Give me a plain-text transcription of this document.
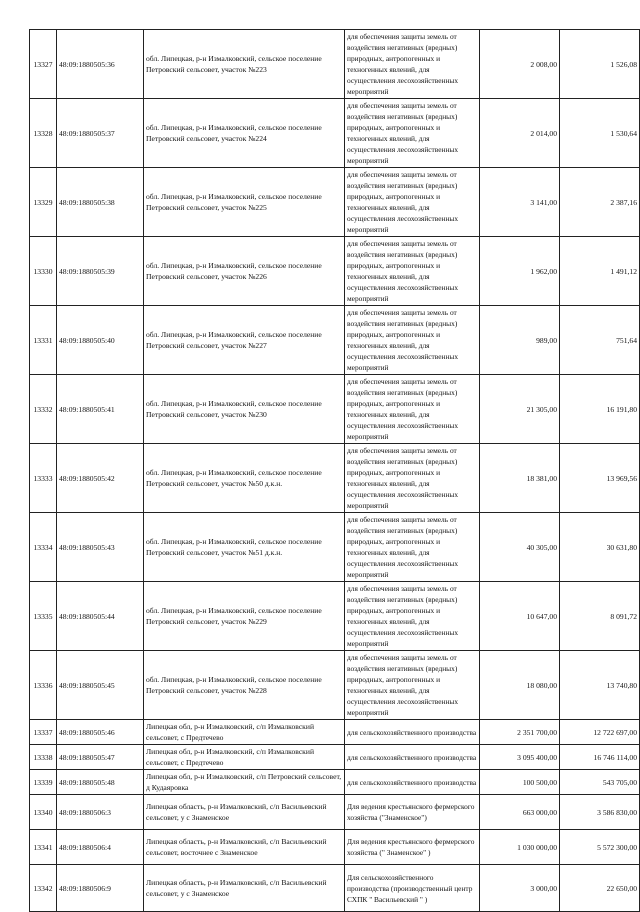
13327	48:09:1880505:36	обл. Липецкая, р-н Измалковский, сельское поселение Петровский сельсовет, участок №223	для обеспечения защиты земель от воздействия негативных (вредных) природных, антропогенных и техногенных явлений, для осуществления лесохозяйственных мероприятий	2 008,00	1 526,08
13328	48:09:1880505:37	обл. Липецкая, р-н Измалковский, сельское поселение Петровский сельсовет, участок №224	для обеспечения защиты земель от воздействия негативных (вредных) природных, антропогенных и техногенных явлений, для осуществления лесохозяйственных мероприятий	2 014,00	1 530,64
13329	48:09:1880505:38	обл. Липецкая, р-н Измалковский, сельское поселение Петровский сельсовет, участок №225	для обеспечения защиты земель от воздействия негативных (вредных) природных, антропогенных и техногенных явлений, для осуществления лесохозяйственных мероприятий	3 141,00	2 387,16
13330	48:09:1880505:39	обл. Липецкая, р-н Измалковский, сельское поселение Петровский сельсовет, участок №226	для обеспечения защиты земель от воздействия негативных (вредных) природных, антропогенных и техногенных явлений, для осуществления лесохозяйственных мероприятий	1 962,00	1 491,12
13331	48:09:1880505:40	обл. Липецкая, р-н Измалковский, сельское поселение Петровский сельсовет, участок №227	для обеспечения защиты земель от воздействия негативных (вредных) природных, антропогенных и техногенных явлений, для осуществления лесохозяйственных мероприятий	989,00	751,64
13332	48:09:1880505:41	обл. Липецкая, р-н Измалковский, сельское поселение Петровский сельсовет, участок №230	для обеспечения защиты земель от воздействия негативных (вредных) природных, антропогенных и техногенных явлений, для осуществления лесохозяйственных мероприятий	21 305,00	16 191,80
13333	48:09:1880505:42	обл. Липецкая, р-н Измалковский, сельское поселение Петровский сельсовет, участок №50 д.к.н.	для обеспечения защиты земель от воздействия негативных (вредных) природных, антропогенных и техногенных явлений, для осуществления лесохозяйственных мероприятий	18 381,00	13 969,56
13334	48:09:1880505:43	обл. Липецкая, р-н Измалковский, сельское поселение Петровский сельсовет, участок №51 д.к.н.	для обеспечения защиты земель от воздействия негативных (вредных) природных, антропогенных и техногенных явлений, для осуществления лесохозяйственных мероприятий	40 305,00	30 631,80
13335	48:09:1880505:44	обл. Липецкая, р-н Измалковский, сельское поселение Петровский сельсовет, участок №229	для обеспечения защиты земель от воздействия негативных (вредных) природных, антропогенных и техногенных явлений, для осуществления лесохозяйственных мероприятий	10 647,00	8 091,72
13336	48:09:1880505:45	обл. Липецкая, р-н Измалковский, сельское поселение Петровский сельсовет, участок №228	для обеспечения защиты земель от воздействия негативных (вредных) природных, антропогенных и техногенных явлений, для осуществления лесохозяйственных мероприятий	18 080,00	13 740,80
13337	48:09:1880505:46	Липецкая обл, р-н Измалковский, с/п Измалковский сельсовет, с Предтечево	для сельскохозяйственного производства	2 351 700,00	12 722 697,00
13338	48:09:1880505:47	Липецкая обл, р-н Измалковский, с/п Измалковский сельсовет, с Предтечево	для сельскохозяйственного производства	3 095 400,00	16 746 114,00
13339	48:09:1880505:48	Липецкая обл, р-н Измалковский, с/п Петровский сельсовет, д Кудаяровка	для сельскохозяйственного производства	100 500,00	543 705,00
13340	48:09:1880506:3	Липецкая область, р-н Измалковский, с/п Васильевский сельсовет, у с Знаменское	Для ведения крестьянского фермерского хозяйства ("Знаменское")	663 000,00	3 586 830,00
13341	48:09:1880506:4	Липецкая область, р-н Измалковский, с/п Васильевский сельсовет, восточнее с Знаменское	Для ведения крестьянского фермерского хозяйства (" Знаменское" )	1 030 000,00	5 572 300,00
13342	48:09:1880506:9	Липецкая область, р-н Измалковский, с/п Васильевский сельсовет, у с Знаменское	Для сельскохозяйственного производства (производственный центр СХПК " Васильевский " )	3 000,00	22 650,00
